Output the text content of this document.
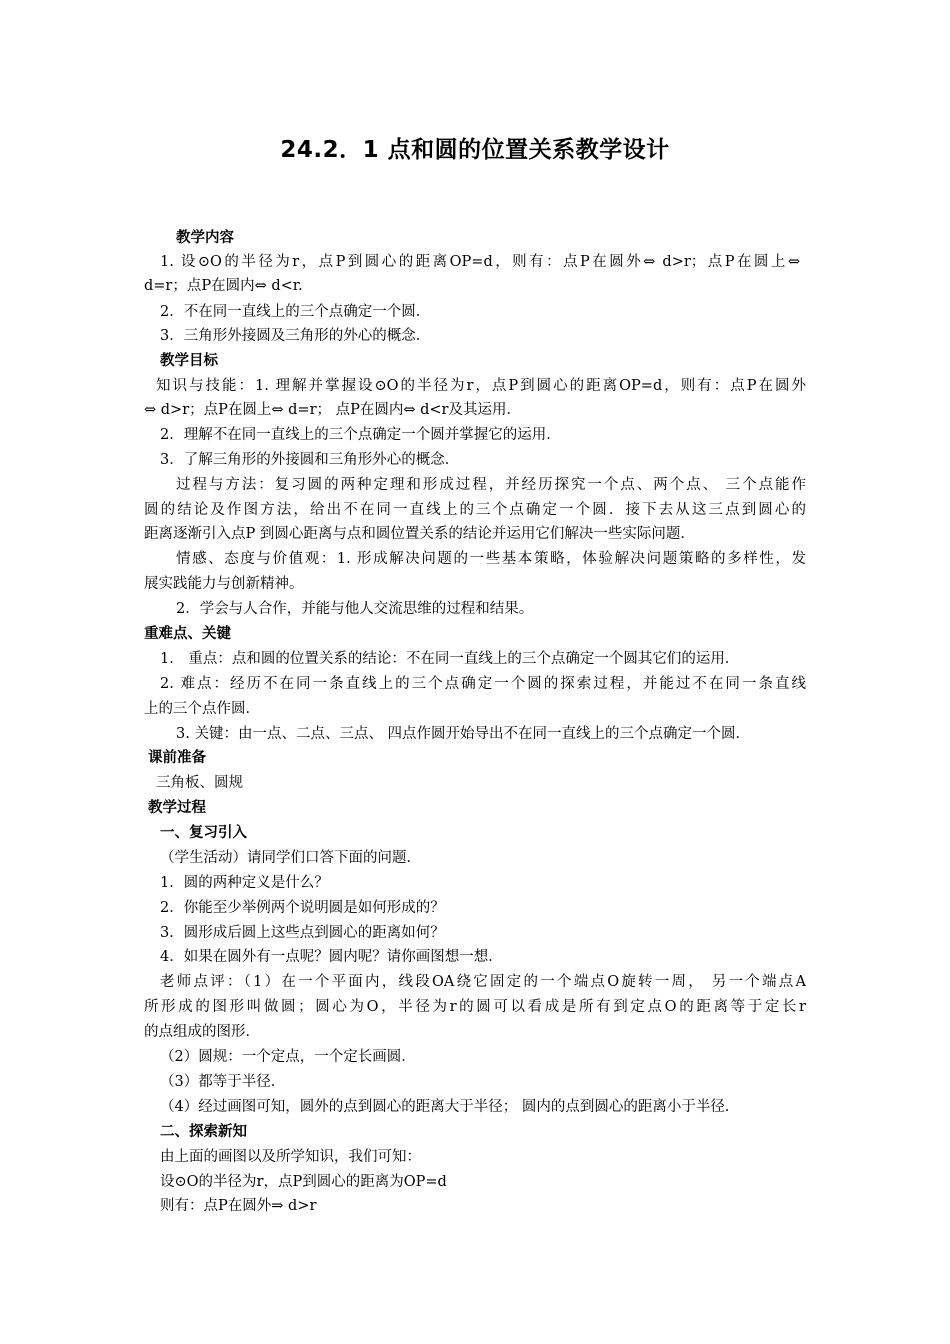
24.2．1 点和圆的位置关系教学设计
教学内容
1. 设⊙O的半径为r，点P到圆心的距离OP=d，则有：点P在圆外⇔ d>r；点P在圆上⇔
d=r；点P在圆内⇔ d<r.
2．不在同一直线上的三个点确定一个圆．
3．三角形外接圆及三角形的外心的概念．
教学目标
知识与技能：1. 理解并掌握设⊙O的半径为r，点P到圆心的距离OP=d，则有：点P在圆外
⇔ d>r；点P在圆上⇔ d=r； 点P在圆内⇔ d<r及其运用．
2．理解不在同一直线上的三个点确定一个圆并掌握它的运用．
3．了解三角形的外接圆和三角形外心的概念．
过程与方法：复习圆的两种定理和形成过程，并经历探究一个点、两个点、 三个点能作
圆的结论及作图方法，给出不在同一直线上的三个点确定一个圆．接下去从这三点到圆心的
距离逐渐引入点P 到圆心距离与点和圆位置关系的结论并运用它们解决一些实际问题．
情感、态度与价值观：1. 形成解决问题的一些基本策略，体验解决问题策略的多样性，发
展实践能力与创新精神。
2．学会与人合作，并能与他人交流思维的过程和结果。
重难点、关键
1． 重点：点和圆的位置关系的结论：不在同一直线上的三个点确定一个圆其它们的运用．
2. 难点：经历不在同一条直线上的三个点确定一个圆的探索过程，并能过不在同一条直线
上的三个点作圆．
3. 关键：由一点、二点、三点、 四点作圆开始导出不在同一直线上的三个点确定一个圆．
课前准备
三角板、圆规
教学过程
一、复习引入
（学生活动）请同学们口答下面的问题．
1．圆的两种定义是什么？
2．你能至少举例两个说明圆是如何形成的？
3．圆形成后圆上这些点到圆心的距离如何？
4．如果在圆外有一点呢？圆内呢？请你画图想一想．
老师点评：（1）在一个平面内，线段OA绕它固定的一个端点O旋转一周， 另一个端点A
所形成的图形叫做圆；圆心为O，半径为r的圆可以看成是所有到定点O的距离等于定长r
的点组成的图形．
（2）圆规：一个定点，一个定长画圆．
（3）都等于半径．
（4）经过画图可知，圆外的点到圆心的距离大于半径； 圆内的点到圆心的距离小于半径．
二、探索新知
由上面的画图以及所学知识，我们可知：
设⊙O的半径为r，点P到圆心的距离为OP=d
则有：点P在圆外⇒ d>r
